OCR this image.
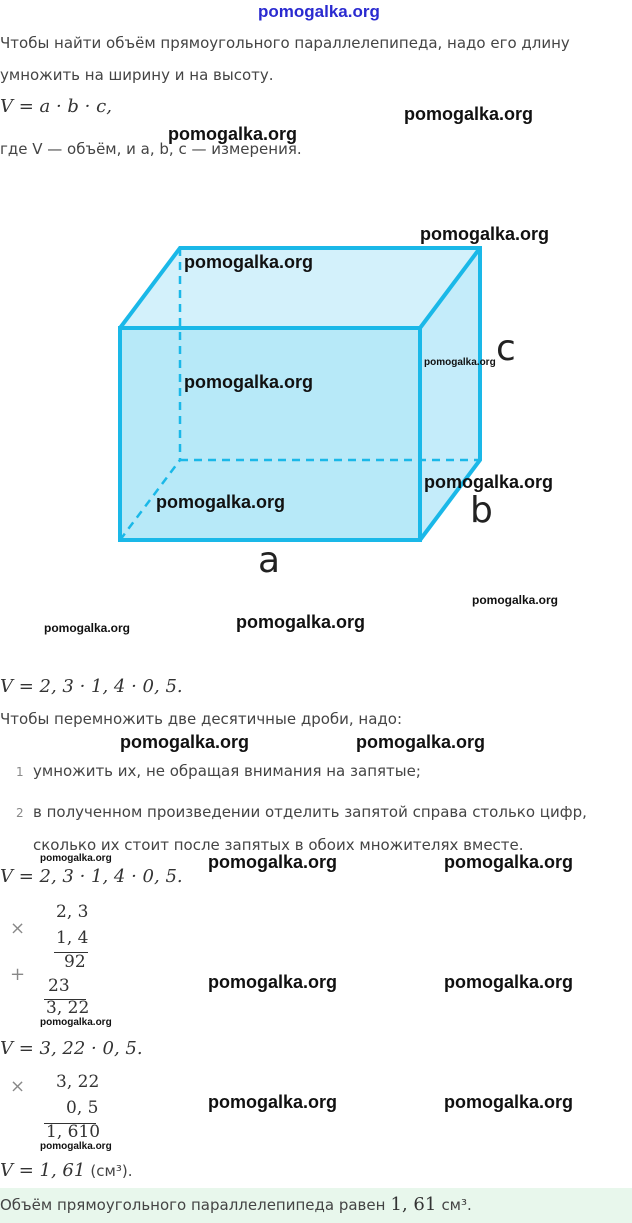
pomogalka.org
Чтобы найти объём прямоугольного параллелепипеда, надо его длину
умножить на ширину и на высоту.
V = a · b · c,
где V — объём, и a, b, c — измерения.
a
b
c
V = 2, 3 · 1, 4 · 0, 5.
Чтобы перемножить две десятичные дроби, надо:
1 умножить их, не обращая внимания на запятые;
2 в полученном произведении отделить запятой справа столько цифр,
сколько их стоит после запятых в обоих множителях вместе.
V = 2, 3 · 1, 4 · 0, 5.
×
2, 3
1, 4
92
+
23
3, 22
V = 3, 22 · 0, 5.
× 3, 22
0, 5
1, 610
V = 1, 61 (см³).
Объём прямоугольного параллелепипеда равен 1, 61 см³.
pomogalka.org
pomogalka.org
pomogalka.org
pomogalka.org
pomogalka.org
pomogalka.org
pomogalka.org
pomogalka.org
pomogalka.org
pomogalka.org	pomogalka.org
pomogalka.org	pomogalka.org
pomogalka.org	pomogalka.org	pomogalka.org
pomogalka.org	pomogalka.org
pomogalka.org
pomogalka.org	pomogalka.org
pomogalka.org
